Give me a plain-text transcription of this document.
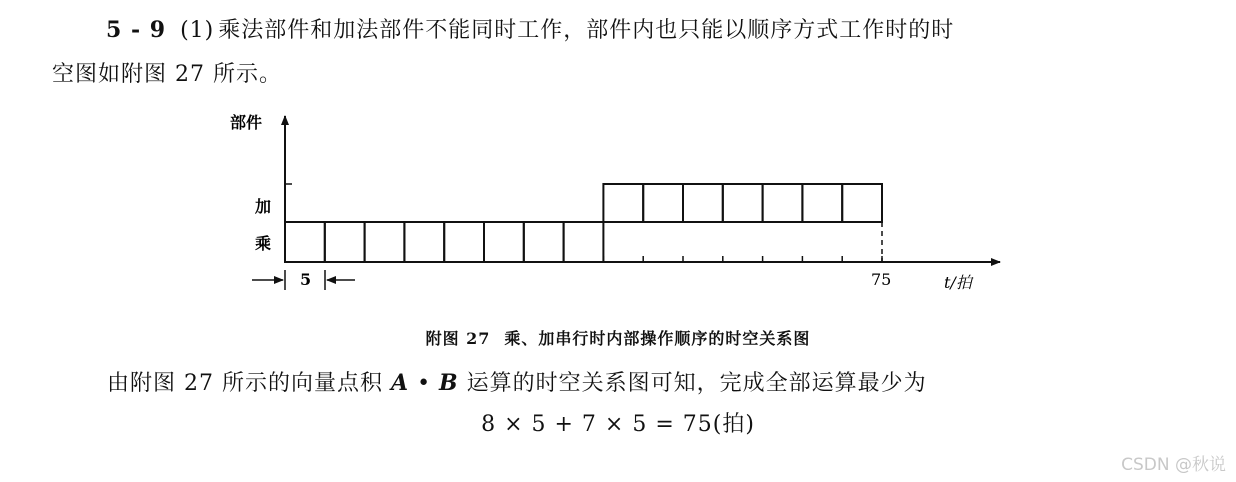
5 - 9 (1) 乘法部件和加法部件不能同时工作，部件内也只能以顺序方式工作时的时
空图如附图 27 所示。
部件
t/拍
加
乘
75
5
附图 27 乘、加串行时内部操作顺序的时空关系图
由附图 27 所示的向量点积 A • B 运算的时空关系图可知，完成全部运算最少为
8 × 5 + 7 × 5 = 75(拍)
CSDN @秋说
